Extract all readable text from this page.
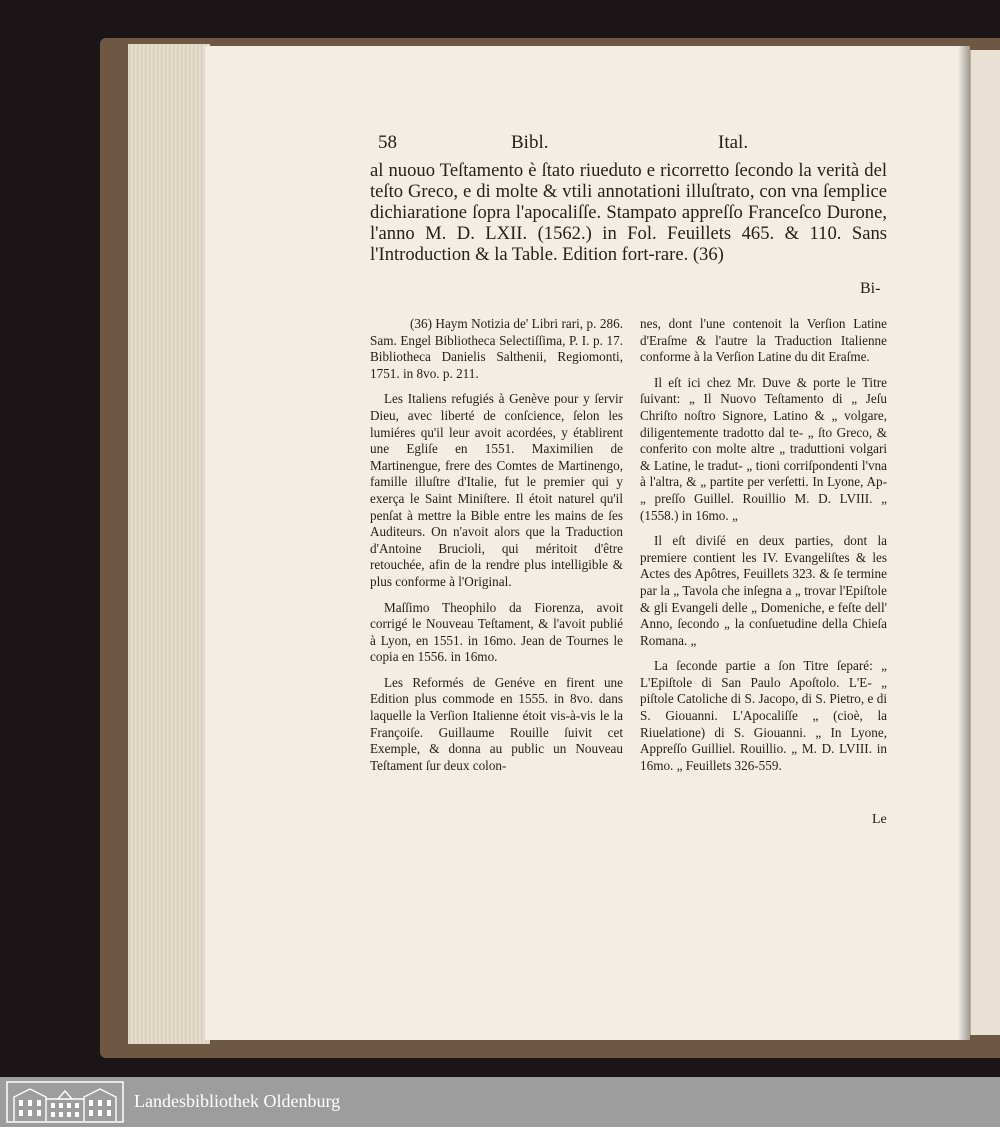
58	Bibl.	Ital.
al nuouo Teſtamento è ſtato riueduto e ricorretto ſecondo la verità del teſto Greco, e di molte & vtili annotationi illuſtrato, con vna ſemplice dichiaratione ſopra l'apocaliſſe. Stampato appreſſo Franceſco Durone, l'anno M. D. LXII. (1562.) in Fol. Feuillets 465. & 110. Sans l'Introduction & la Table. Edition fort-rare. (36)
Bi-

(36) Haym Notizia de' Libri rari, p. 286. Sam. Engel Bibliotheca Selectiſſima, P. I. p. 17. Bibliotheca Danielis Salthenii, Regiomonti, 1751. in 8vo. p. 211.

Les Italiens refugiés à Genève pour y ſervir Dieu, avec liberté de conſcience, ſelon les lumiéres qu'il leur avoit acordées, y établirent une Egliſe en 1551. Maximilien de Martinengue, frere des Comtes de Martinengo, famille illuſtre d'Italie, fut le premier qui y exerça le Saint Miniſtere. Il étoit naturel qu'il penſat à mettre la Bible entre les mains de ſes Auditeurs. On n'avoit alors que la Traduction d'Antoine Brucioli, qui méritoit d'être retouchée, afin de la rendre plus intelligible & plus conforme à l'Original.

Maſſimo Theophilo da Fiorenza, avoit corrigé le Nouveau Teſtament, & l'avoit publié à Lyon, en 1551. in 16mo. Jean de Tournes le copia en 1556. in 16mo.

Les Reformés de Genéve en firent une Edition plus commode en 1555. in 8vo. dans laquelle la Verſion Italienne étoit vis-à-vis le la Françoiſe. Guillaume Rouille ſuivit cet Exemple, & donna au public un Nouveau Teſtament ſur deux colon-

nes, dont l'une contenoit la Verſion Latine d'Eraſme & l'autre la Traduction Italienne conforme à la Verſion Latine du dit Eraſme.

Il eſt ici chez Mr. Duve & porte le Titre ſuivant: „ Il Nuovo Teſtamento di „ Jeſu Chriſto noſtro Signore, Latino & „ volgare, diligentemente tradotto dal te- „ ſto Greco, & conferito con molte altre „ traduttioni volgari & Latine, le tradut- „ tioni corriſpondenti l'vna à l'altra, & „ partite per verſetti. In Lyone, Ap- „ preſſo Guillel. Rouillio M. D. LVIII. „ (1558.) in 16mo. „

Il eſt diviſé en deux parties, dont la premiere contient les IV. Evangeliſtes & les Actes des Apôtres, Feuillets 323. & ſe termine par la „ Tavola che inſegna a „ trovar l'Epiſtole & gli Evangeli delle „ Domeniche, e feſte dell' Anno, ſecondo „ la conſuetudine della Chieſa Romana. „

La ſeconde partie a ſon Titre ſeparé: „ L'Epiſtole di San Paulo Apoſtolo. L'E- „ piſtole Catoliche di S. Jacopo, di S. Pietro, e di S. Giouanni. L'Apocaliſſe „ (cioè, la Riuelatione) di S. Giouanni. „ In Lyone, Appreſſo Guilliel. Rouillio. „ M. D. LVIII. in 16mo. „ Feuillets 326-559.

Le
Landesbibliothek Oldenburg
